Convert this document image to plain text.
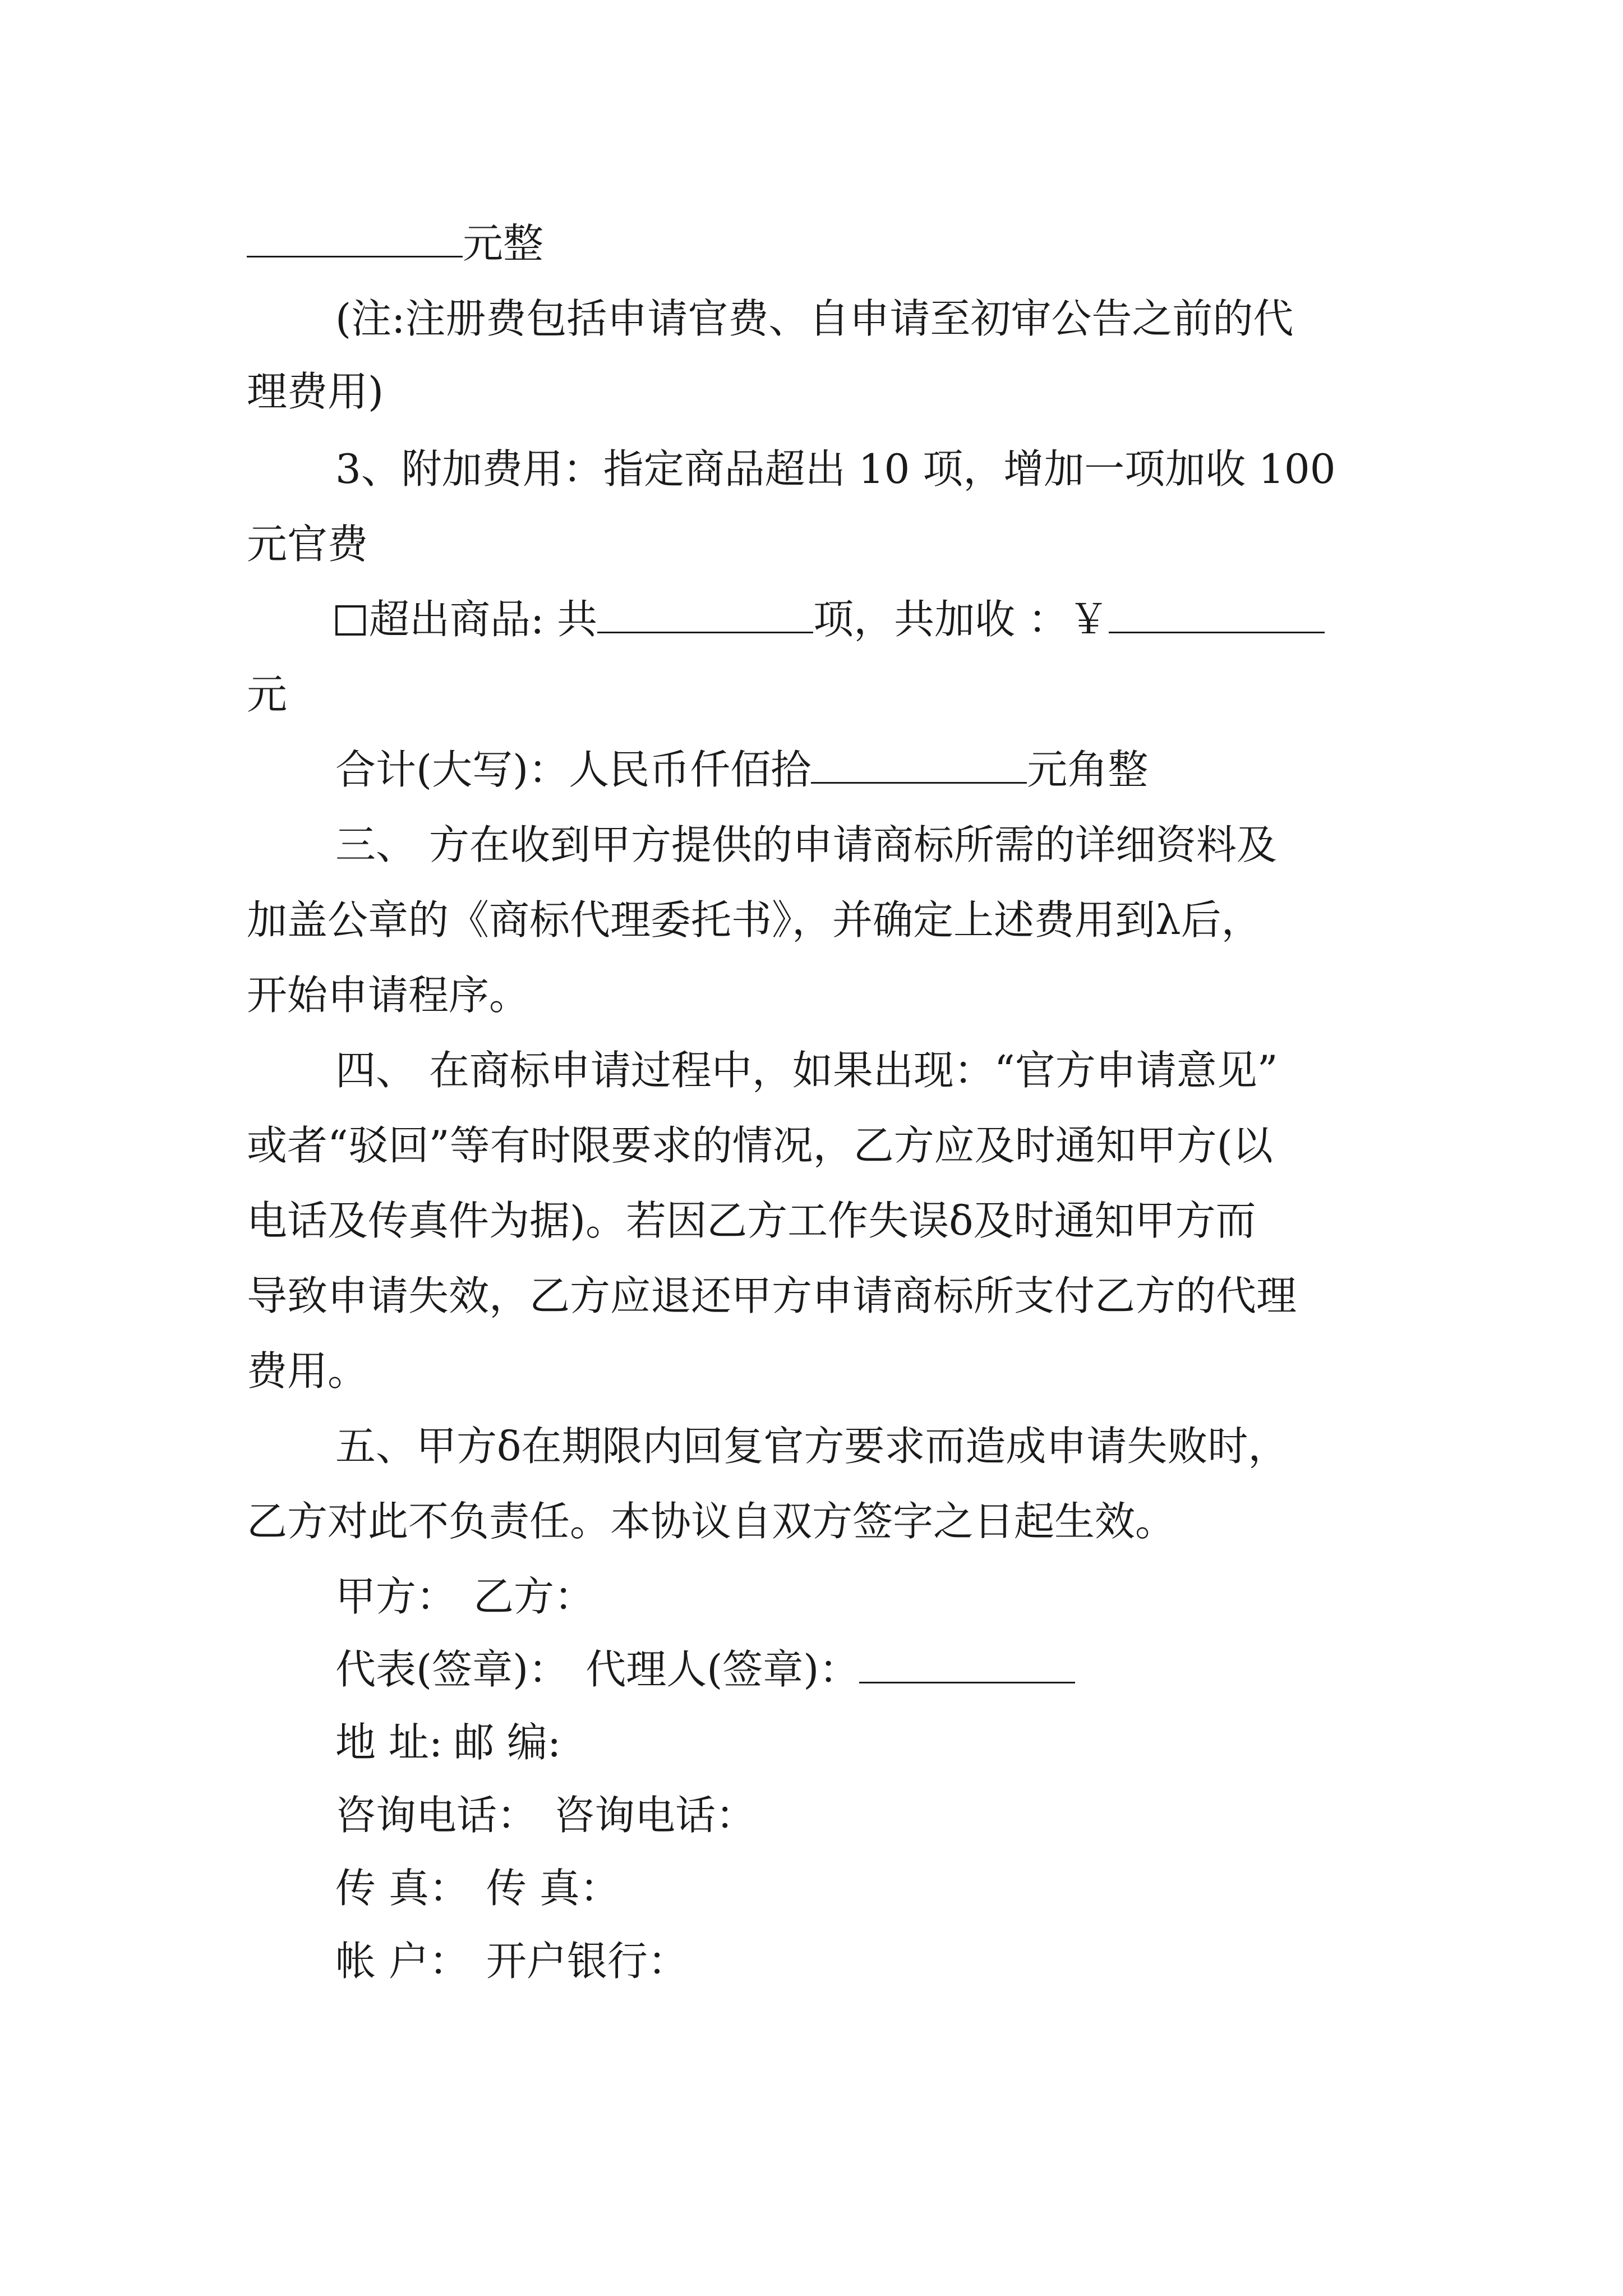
元整
(注:注册费包括申请官费、自申请至初审公告之前的代
理费用)
3、附加费用：指定商品超出 10 项，增加一项加收 100
元官费
超出商品: 共	项，共加收 ：￥
元
合计(大写)：人民币仟佰拾	元角整
三、 方在收到甲方提供的申请商标所需的详细资料及
加盖公章的《商标代理委托书》，并确定上述费用到λ后，
开始申请程序。
四、 在商标申请过程中，如果出现：“官方申请意见”
或者“驳回”等有时限要求的情况，乙方应及时通知甲方(以
电话及传真件为据)。若因乙方工作失误δ及时通知甲方而
导致申请失效，乙方应退还甲方申请商标所支付乙方的代理
费用。
五、甲方δ在期限内回复官方要求而造成申请失败时，
乙方对此不负责任。本协议自双方签字之日起生效。
甲方： 乙方：
代表(签章)： 代理人(签章)：
地 址: 邮 编:
咨询电话： 咨询电话：
传 真： 传 真：
帐 户： 开户银行：
